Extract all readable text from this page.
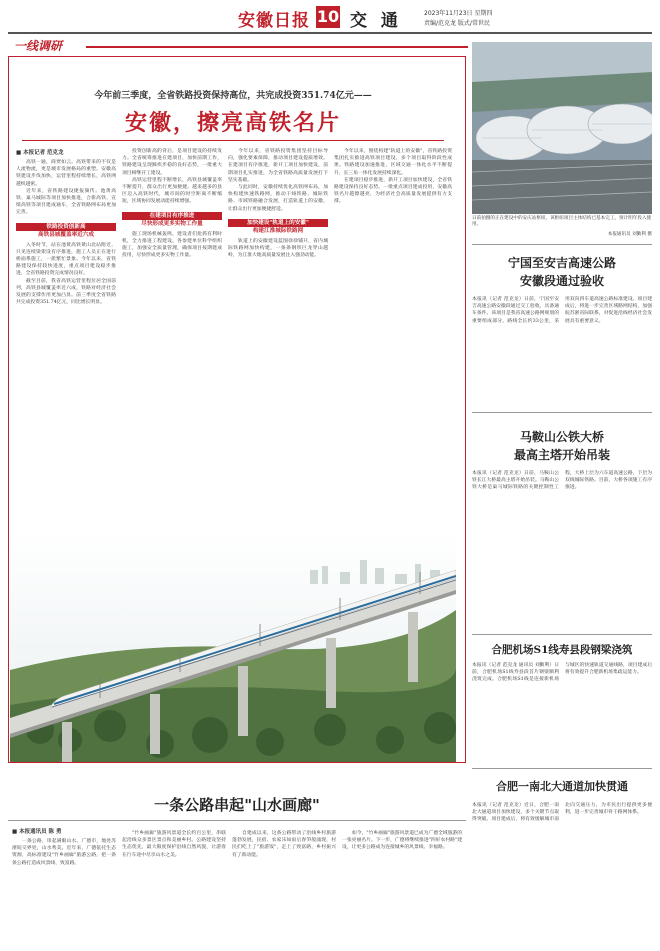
安徽日报 10 交 通	2023年11月23日 星期四
责编/范克龙 版式/常世民
一线调研
今年前三季度，全省铁路投资保持高位，共完成投资351.74亿元——
安徽，擦亮高铁名片
■ 本报记者 范克龙

高铁一通，商贾如云。高铁带来的不仅是人流物流，更是城市发展格局的重塑。安徽高铁建设步伐加快，运营里程持续增长，高铁网越织越密。

近年来，省铁路建设捷报频传。池黄高铁、巢马城际等项目加快推进，合新高铁、宣绩高铁等项目建成通车，全省铁路网布局更加完善。

铁路投资创新高
高铁县城覆盖率近六成

入冬时节，站在池黄高铁黄山北站附近，只见连续梁架设有序推进，施工人员正在进行桥面系施工，一派繁忙景象。今年以来，省铁路建设保持较快进度，重点项目建设稳步推进，全省铁路投资完成情况良好。

截至目前，我省高铁运营里程位居全国前列，高铁县城覆盖率近六成，铁路对经济社会发展的支撑作用更加凸显。前三季度全省铁路共完成投资351.74亿元，同比增长明显。

投资创新高的背后，是项目建设的持续发力。全省统筹推进在建项目，加快前期工作，铁路建设呈现蹄疾步稳的良好态势，一批重大项目相继开工建设。

高铁运营里程不断增长，高铁县城覆盖率不断提升，群众出行更加便捷。越来越多的县区迈入高铁时代，城市间的时空距离不断缩短，区域协同发展动能持续增强。

在建项目有序推进
尽快形成更多实物工作量

施工现场机械轰鸣，建设者们抢抓有利时机，全力推进工程建设。各参建单位科学组织施工，加强安全质量管理，确保项目按期建成投用，尽快形成更多实物工作量。

今年以来，省铁路投资集团坚持目标导向，强化要素保障，推动项目建设提质增效。在建项目有序推进，新开工项目加快建设，前期项目扎实推进，为全省铁路高质量发展打下坚实基础。

与此同时，安徽持续优化高铁网布局，加快构建快速铁路网，推动干线铁路、城际铁路、市域铁路融合发展，打造轨道上的安徽，让群众出行更加便捷舒适。

加快建设"轨道上的安徽"
构建江淮城际铁路网

轨道上的安徽建设蓝图徐徐铺开，省内城际铁路网加快构建，一条条钢铁巨龙穿山越岭，为江淮大地高质量发展注入强劲动能。

今年以来，围绕构建"轨道上的安徽"，省铁路投资集团扎实推进高铁项目建设，多个项目取得阶段性成果。铁路建设加速推进，区域交通一体化水平不断提升，长三角一体化发展持续深化。

在建项目稳步推进，新开工项目加快建设，全省铁路建设保持良好态势。一批重点项目建成投用，安徽高铁名片越擦越亮，为经济社会高质量发展提供有力支撑。

日前拍摄的正在建设中的安庆站枢纽，该枢纽项目主体结构已基本完工，预计明年投入使用。
本报通讯员 刘勤利 摄
宁国至安吉高速公路
安徽段通过验收
本报讯（记者 范克龙）日前，宁国至安吉高速公路安徽段通过交工验收，具备通车条件。该项目是我省高速公路网规划的重要组成部分，路线全长约33公里，采用双向四车道高速公路标准建设。项目建成后，将进一步完善区域路网结构，加强皖苏浙省际联系，对促进沿线经济社会发展具有重要意义。
马鞍山公铁大桥
最高主塔开始吊装
本报讯（记者 范克龙）日前，马鞍山公铁长江大桥最高主塔开始吊装。马鞍山公铁大桥是巢马城际铁路的关键控制性工程，大桥上层为六车道高速公路，下层为双线城际铁路。目前，大桥各项施工有序推进。
合肥机场S1线寿县段钢梁浇筑
本报讯（记者 范克龙 通讯员 刘勤利）日前，合肥机场S1线寿县段首片钢梁顺利浇筑完成。合肥机场S1线是连接新机场与城区的快速轨道交通线路，项目建成后将有效提升合肥新机场集疏运能力。
合肥一南北大通道加快贯通
本报讯（记者 范克龙）近日，合肥一南北大通道项目加快建设，多个关键节点取得突破。项目建成后，将有效缓解城市南北向交通压力，为市民出行提供更多便利，进一步完善城市骨干路网体系。
一条公路串起"山水画廊"
■ 本报通讯员 陈 勇
一条公路，串起满眼山水。广德市，地处苏浙皖交界处，山水秀美。近年来，广德依托生态资源，高标准建设"竹乡画廊"旅游公路，把一条条公路打造成风景线、致富路。
"竹乡画廊"旅游风景道全长约百公里，串联起沿线众多景区景点和美丽乡村。公路建设坚持生态优先，最大限度保护沿线自然风貌，让游客在行车途中尽享山水之美。
自建成以来，这条公路带动了沿线乡村旅游蓬勃发展，民宿、农家乐如雨后春笋般涌现，村民们吃上了"旅游饭"，走上了致富路，乡村振兴有了新动能。
如今，"竹乡画廊"旅游风景道已成为广德全域旅游的一张亮丽名片。下一步，广德将继续推进"四好农村路"建设，让更多公路成为连接城乡的风景线、幸福路。
